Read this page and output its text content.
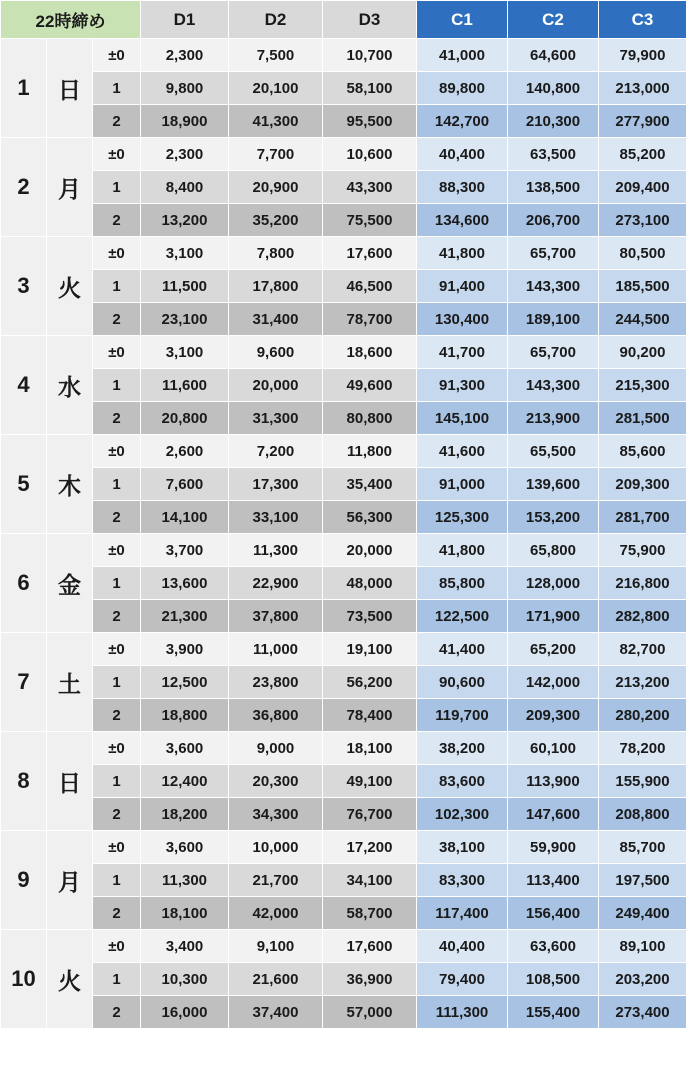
22時締め			D1	D2	D3	C1	C2	C3
1	日	±0	2,300	7,500	10,700	41,000	64,600	79,900
		1	9,800	20,100	58,100	89,800	140,800	213,000
		2	18,900	41,300	95,500	142,700	210,300	277,900
2	月	±0	2,300	7,700	10,600	40,400	63,500	85,200
		1	8,400	20,900	43,300	88,300	138,500	209,400
		2	13,200	35,200	75,500	134,600	206,700	273,100
3	火	±0	3,100	7,800	17,600	41,800	65,700	80,500
		1	11,500	17,800	46,500	91,400	143,300	185,500
		2	23,100	31,400	78,700	130,400	189,100	244,500
4	水	±0	3,100	9,600	18,600	41,700	65,700	90,200
		1	11,600	20,000	49,600	91,300	143,300	215,300
		2	20,800	31,300	80,800	145,100	213,900	281,500
5	木	±0	2,600	7,200	11,800	41,600	65,500	85,600
		1	7,600	17,300	35,400	91,000	139,600	209,300
		2	14,100	33,100	56,300	125,300	153,200	281,700
6	金	±0	3,700	11,300	20,000	41,800	65,800	75,900
		1	13,600	22,900	48,000	85,800	128,000	216,800
		2	21,300	37,800	73,500	122,500	171,900	282,800
7	土	±0	3,900	11,000	19,100	41,400	65,200	82,700
		1	12,500	23,800	56,200	90,600	142,000	213,200
		2	18,800	36,800	78,400	119,700	209,300	280,200
8	日	±0	3,600	9,000	18,100	38,200	60,100	78,200
		1	12,400	20,300	49,100	83,600	113,900	155,900
		2	18,200	34,300	76,700	102,300	147,600	208,800
9	月	±0	3,600	10,000	17,200	38,100	59,900	85,700
		1	11,300	21,700	34,100	83,300	113,400	197,500
		2	18,100	42,000	58,700	117,400	156,400	249,400
10	火	±0	3,400	9,100	17,600	40,400	63,600	89,100
		1	10,300	21,600	36,900	79,400	108,500	203,200
		2	16,000	37,400	57,000	111,300	155,400	273,400
